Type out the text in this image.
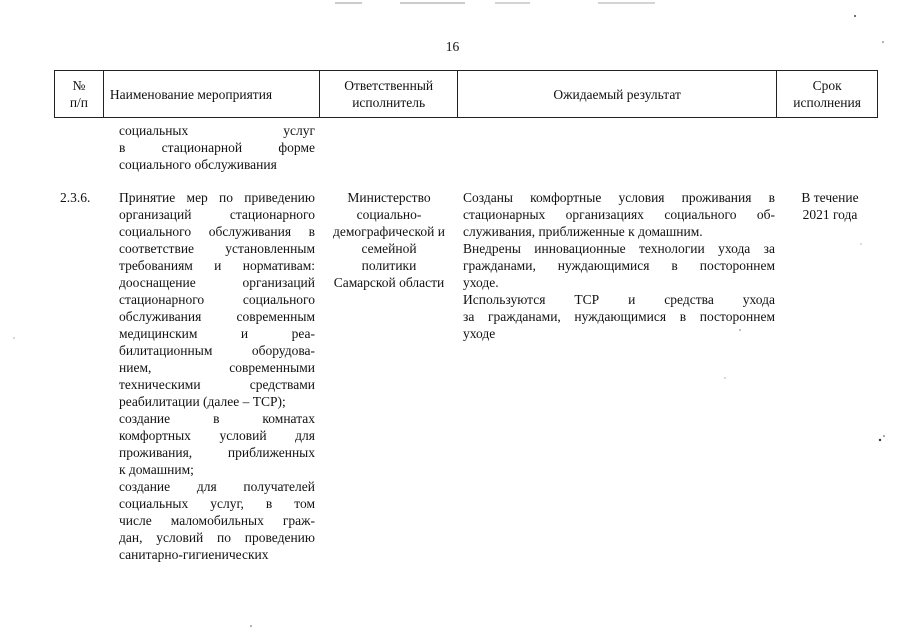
16
№
п/п
Наименование мероприятия
Ответственный
исполнитель
Ожидаемый результат
Срок
исполнения
социальных услуг
в стационарной форме
социального обслуживания
2.3.6.	Принятие мер по приведению
организаций стационарного
социального обслуживания в
соответствие установленным
требованиям и нормативам:
дооснащение организаций
стационарного социального
обслуживания современным
медицинским и реа-
билитационным оборудова-
нием, современными
техническими средствами
реабилитации (далее – ТСР);
создание в комнатах
комфортных условий для
проживания, приближенных
к домашним;
создание для получателей
социальных услуг, в том
числе маломобильных граж-
дан, условий по проведению
санитарно-гигиенических
Министерство
социально-
демографической и
семейной
политики
Самарской области
Созданы комфортные условия проживания в
стационарных организациях социального об-
служивания, приближенные к домашним.
Внедрены инновационные технологии ухода за
гражданами, нуждающимися в постороннем
уходе.
Используются ТСР и средства ухода
за гражданами, нуждающимися в постороннем
уходе
В течение
2021 года
